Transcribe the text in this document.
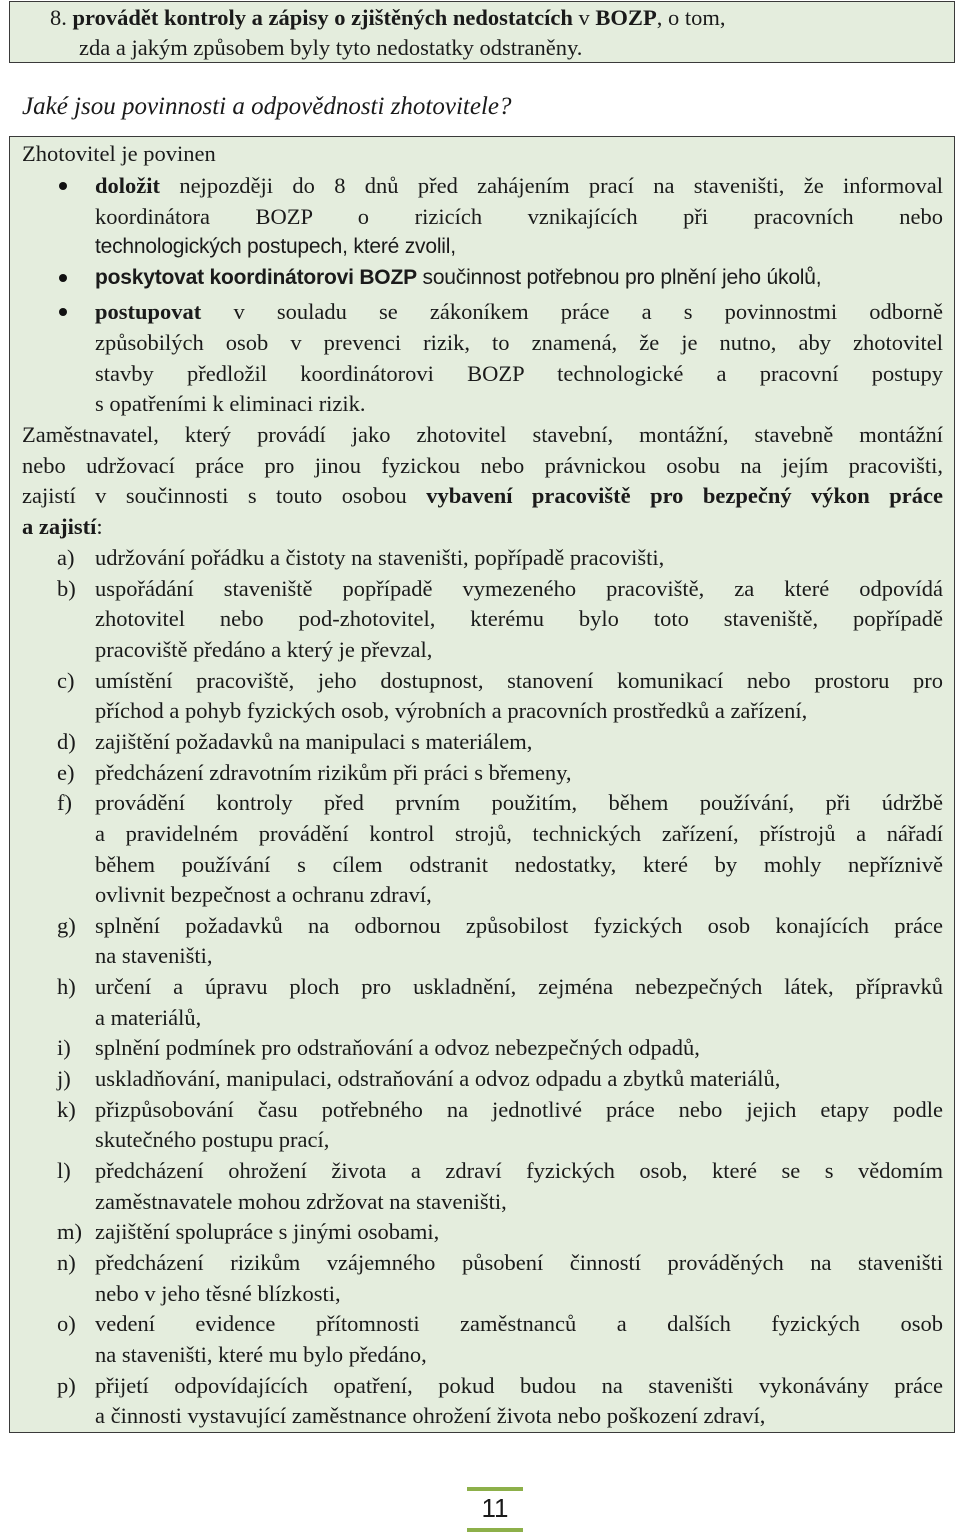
8. provádět kontroly a zápisy o zjištěných nedostatcích v BOZP, o tom,
zda a jakým způsobem byly tyto nedostatky odstraněny.
Jaké jsou povinnosti a odpovědnosti zhotovitele?
Zhotovitel je povinen
doložit nejpozději do 8 dnů před zahájením prací na staveništi, že informoval
koordinátora BOZP o rizicích vznikajících při pracovních nebo
technologických postupech, které zvolil,
poskytovat koordinátorovi BOZP součinnost potřebnou pro plnění jeho úkolů,
postupovat v souladu se zákoníkem práce a s povinnostmi odborně
způsobilých osob v prevenci rizik, to znamená, že je nutno, aby zhotovitel
stavby předložil koordinátorovi BOZP technologické a pracovní postupy
s opatřeními k eliminaci rizik.
Zaměstnavatel, který provádí jako zhotovitel stavební, montážní, stavebně montážní
nebo udržovací práce pro jinou fyzickou nebo právnickou osobu na jejím pracovišti,
zajistí v součinnosti s touto osobou vybavení pracoviště pro bezpečný výkon práce
a zajistí:
a) udržování pořádku a čistoty na staveništi, popřípadě pracovišti,
b) uspořádání staveniště popřípadě vymezeného pracoviště, za které odpovídá
zhotovitel nebo pod-zhotovitel, kterému bylo toto staveniště, popřípadě
pracoviště předáno a který je převzal,
c) umístění pracoviště, jeho dostupnost, stanovení komunikací nebo prostoru pro
příchod a pohyb fyzických osob, výrobních a pracovních prostředků a zařízení,
d) zajištění požadavků na manipulaci s materiálem,
e) předcházení zdravotním rizikům při práci s břemeny,
f) provádění kontroly před prvním použitím, během používání, při údržbě
a pravidelném provádění kontrol strojů, technických zařízení, přístrojů a nářadí
během používání s cílem odstranit nedostatky, které by mohly nepříznivě
ovlivnit bezpečnost a ochranu zdraví,
g) splnění požadavků na odbornou způsobilost fyzických osob konajících práce
na staveništi,
h) určení a úpravu ploch pro uskladnění, zejména nebezpečných látek, přípravků
a materiálů,
i) splnění podmínek pro odstraňování a odvoz nebezpečných odpadů,
j) uskladňování, manipulaci, odstraňování a odvoz odpadu a zbytků materiálů,
k) přizpůsobování času potřebného na jednotlivé práce nebo jejich etapy podle
skutečného postupu prací,
l) předcházení ohrožení života a zdraví fyzických osob, které se s vědomím
zaměstnavatele mohou zdržovat na staveništi,
m) zajištění spolupráce s jinými osobami,
n) předcházení rizikům vzájemného působení činností prováděných na staveništi
nebo v jeho těsné blízkosti,
o) vedení evidence přítomnosti zaměstnanců a dalších fyzických osob
na staveništi, které mu bylo předáno,
p) přijetí odpovídajících opatření, pokud budou na staveništi vykonávány práce
a činnosti vystavující zaměstnance ohrožení života nebo poškození zdraví,
11
